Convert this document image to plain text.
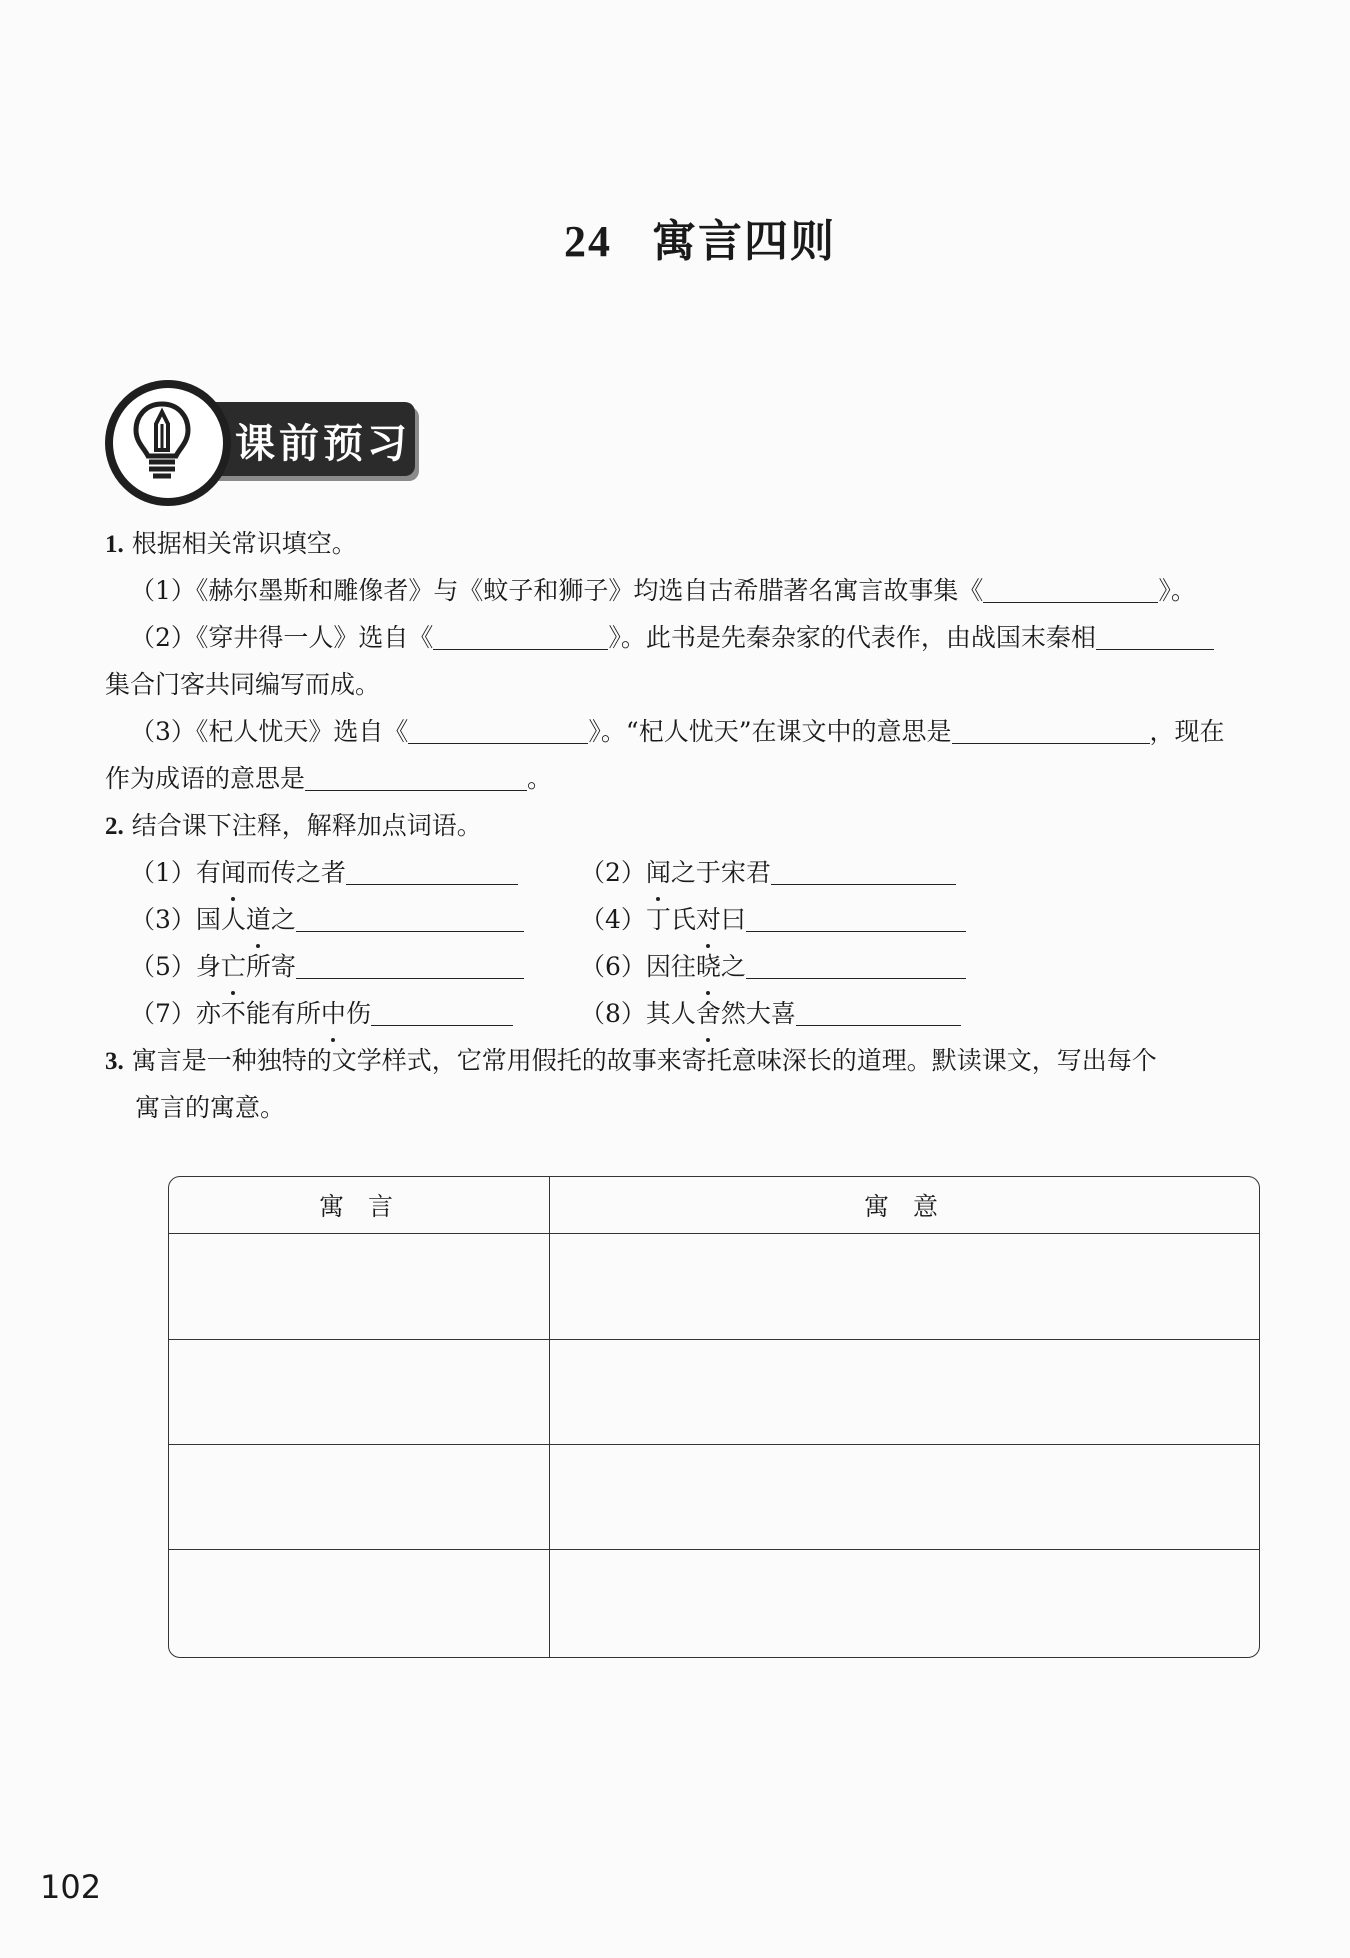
24 寓言四则
课前预习
1. 根据相关常识填空。
（1）《赫尔墨斯和雕像者》与《蚊子和狮子》均选自古希腊著名寓言故事集《	》。
（2）《穿井得一人》选自《	》。此书是先秦杂家的代表作，由战国末秦相
集合门客共同编写而成。
（3）《杞人忧天》选自《	》。“杞人忧天”在课文中的意思是	，现在
作为成语的意思是	。
2. 结合课下注释，解释加点词语。
（1）有闻而传之者	（2）闻之于宋君
（3）国人道之	（4）丁氏对曰
（5）身亡所寄	（6）因往晓之
（7）亦不能有所中伤	（8）其人舍然大喜
3. 寓言是一种独特的文学样式，它常用假托的故事来寄托意味深长的道理。默读课文，写出每个
寓言的寓意。
寓言	寓意
102
